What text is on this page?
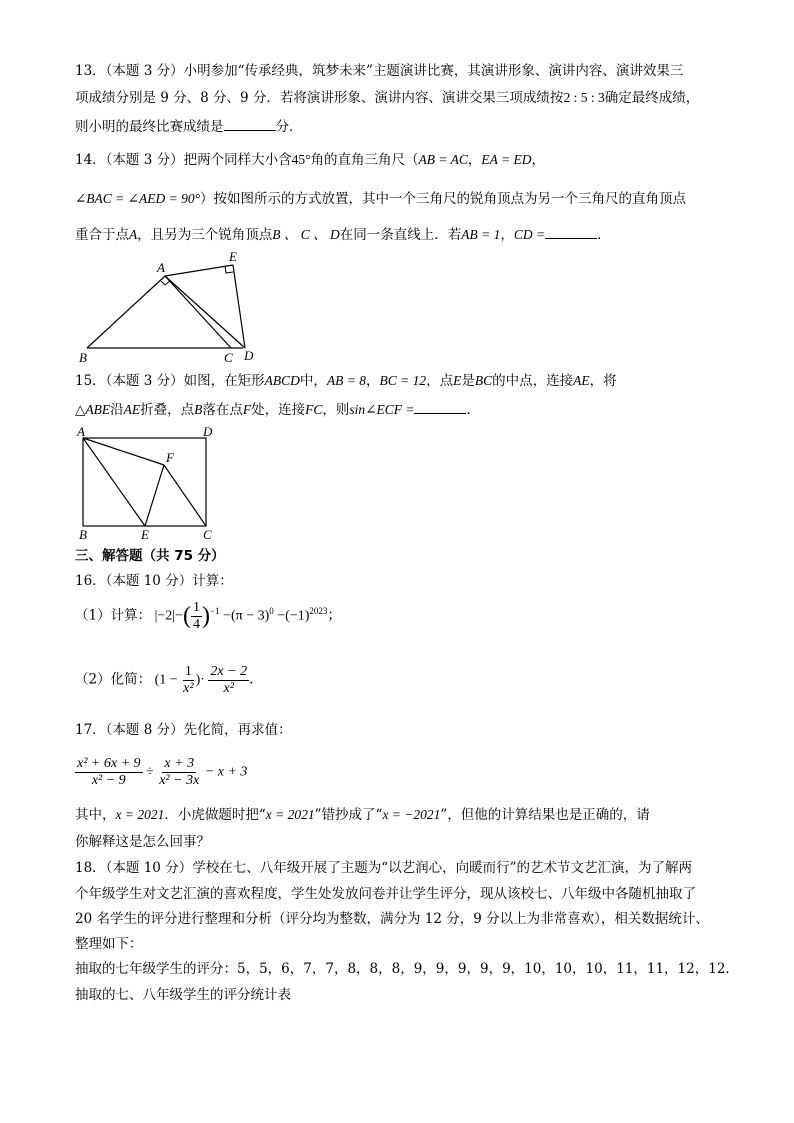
13．（本题 3 分）小明参加“传承经典，筑梦未来”主题演讲比赛，其演讲形象、演讲内容、演讲效果三
项成绩分别是 9 分、8 分、9 分．若将演讲形象、演讲内容、演讲交果三项成绩按2 : 5 : 3确定最终成绩，
则小明的最终比赛成绩是	分．
14．（本题 3 分）把两个同样大小含45°角的直角三角尺（AB = AC，EA = ED，
∠BAC = ∠AED = 90°）按如图所示的方式放置，其中一个三角尺的锐角顶点为另一个三角尺的直角顶点
重合于点A，且另为三个锐角顶点B 、 C 、 D在同一条直线上．若AB = 1，CD =	．
A
E
B	C D
15．（本题 3 分）如图，在矩形ABCD中，AB = 8，BC = 12，点E是BC的中点，连接AE，将
△ABE沿AE折叠，点B落在点F处，连接FC，则sin∠ECF =	．
A	D
F
B	E	C
三、解答题（共 75 分）
16．（本题 10 分）计算：
（1）计算： $|-2|-( \frac{1}{4} )^{-1} -(\pi - 3)^0 -(-1)^{2023}$；
（2）化简： ($1 - \frac{1}{\text{x²}}$ )· $\frac{2x - 2}{\text{x²}}$ ．
17．（本题 8 分）先化简，再求值：
$\frac{\text{x² + 6x + 9}}{\text{x² − 9}} \div \frac{x + 3}{\text{x² − 3x}} - x + 3$
其中，x = 2021．小虎做题时把“x = 2021”错抄成了“x = −2021”，但他的计算结果也是正确的，请
你解释这是怎么回事？
18．（本题 10 分）学校在七、八年级开展了主题为“以艺润心，向暖而行”的艺术节文艺汇演，为了解两
个年级学生对文艺汇演的喜欢程度，学生处发放问卷并让学生评分，现从该校七、八年级中各随机抽取了
20 名学生的评分进行整理和分析（评分均为整数，满分为 12 分，9 分以上为非常喜欢），相关数据统计、
整理如下：
抽取的七年级学生的评分：5，5，6，7，7，8，8，8，9，9，9，9，9，10，10，10，11，11，12，12．
抽取的七、八年级学生的评分统计表
